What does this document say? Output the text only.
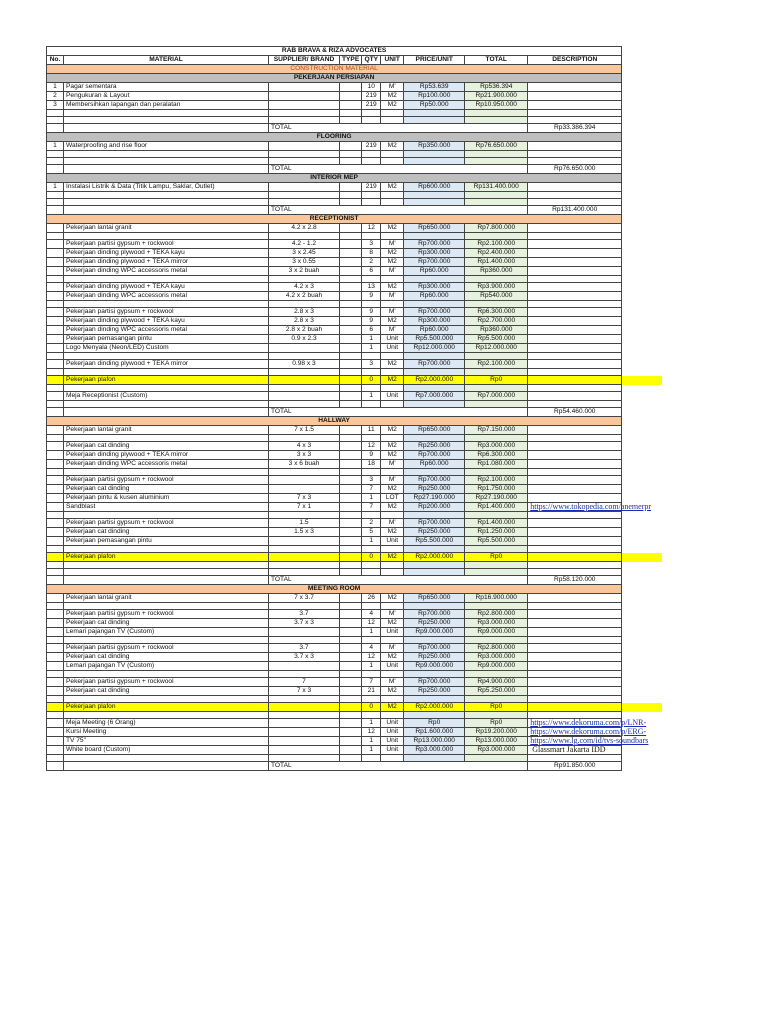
RAB BRAVA & RIZA ADVOCATES								
No.	MATERIAL	SUPPLIER/ BRAND	TYPE	QTY	UNIT	PRICE/UNIT	TOTAL	DESCRIPTION
CONSTRUCTION MATERIAL								
PEKERJAAN PERSIAPAN								
1	Pagar sementara			10	M'	Rp53.639	Rp536.394	
2	Pengukuran & Layout			219	M2	Rp100.000	Rp21.900.000	
3	Membersihkan lapangan dan peralatan			219	M2	Rp50.000	Rp10.950.000	

		TOTAL						Rp33.386.394
FLOORING								
1	Waterproofing and rise floor			219	M2	Rp350.000	Rp76.650.000	

		TOTAL						Rp76.650.000
INTERIOR MEP								
1	Instalasi Listrik & Data (Titik Lampu, Saklar, Outlet)			219	M2	Rp600.000	Rp131.400.000	

		TOTAL						Rp131.400.000
RECEPTIONIST								
	Pekerjaan lantai granit	4.2 x 2.8		12	M2	Rp650.000	Rp7.800.000	

	Pekerjaan partisi gypsum + rockwool	4.2 - 1.2		3	M'	Rp700.000	Rp2.100.000	
	Pekerjaan dinding plywood + TEKA kayu	3 x 2.45		8	M2	Rp300.000	Rp2.400.000	
	Pekerjaan dinding plywood + TEKA mirror	3 x 0.55		2	M2	Rp700.000	Rp1.400.000	
	Pekerjaan dinding WPC accessoris metal	3 x 2 buah		6	M'	Rp60.000	Rp360.000	

	Pekerjaan dinding plywood + TEKA kayu	4.2 x 3		13	M2	Rp300.000	Rp3.900.000	
	Pekerjaan dinding WPC accessoris metal	4.2 x 2 buah		9	M'	Rp60.000	Rp540.000	

	Pekerjaan partisi gypsum + rockwool	2.8 x 3		9	M'	Rp700.000	Rp6.300.000	
	Pekerjaan dinding plywood + TEKA kayu	2.8 x 3		9	M2	Rp300.000	Rp2.700.000	
	Pekerjaan dinding WPC accessoris metal	2.8 x 2 buah		6	M'	Rp60.000	Rp360.000	
	Pekerjaan pemasangan pintu	0.9 x 2.3		1	Unit	Rp5.500.000	Rp5.500.000	
	Logo Menyala (Neon/LED) Custom			1	Unit	Rp12.000.000	Rp12.000.000	

	Pekerjaan dinding plywood + TEKA mirror	0.98 x 3		3	M2	Rp700.000	Rp2.100.000	

	Pekerjaan plafon			0	M2	Rp2.000.000	Rp0	

	Meja Receptionist (Custom)			1	Unit	Rp7.000.000	Rp7.000.000	

		TOTAL						Rp54.460.000
HALLWAY								
	Pekerjaan lantai granit	7 x 1.5		11	M2	Rp650.000	Rp7.150.000	

	Pekerjaan cat dinding	4 x 3		12	M2	Rp250.000	Rp3.000.000	
	Pekerjaan dinding plywood + TEKA mirror	3 x 3		9	M2	Rp700.000	Rp6.300.000	
	Pekerjaan dinding WPC accessoris metal	3 x 6 buah		18	M'	Rp60.000	Rp1.080.000	

	Pekerjaan partisi gypsum + rockwool			3	M'	Rp700.000	Rp2.100.000	
	Pekerjaan cat dinding			7	M2	Rp250.000	Rp1.750.000	
	Pekerjaan pintu & kusen aluminium	7 x 3		1	LOT	Rp27.190.000	Rp27.190.000	
	Sandblast	7 x 1		7	M2	Rp200.000	Rp1.400.000	https://www.tokopedia.com/anemerpr

	Pekerjaan partisi gypsum + rockwool	1.5		2	M'	Rp700.000	Rp1.400.000	
	Pekerjaan cat dinding	1.5 x 3		5	M2	Rp250.000	Rp1.250.000	
	Pekerjaan pemasangan pintu			1	Unit	Rp5.500.000	Rp5.500.000	

	Pekerjaan plafon			0	M2	Rp2.000.000	Rp0	

		TOTAL						Rp58.120.000
MEETING ROOM								
	Pekerjaan lantai granit	7 x 3.7		26	M2	Rp650.000	Rp16.900.000	

	Pekerjaan partisi gypsum + rockwool	3.7		4	M'	Rp700.000	Rp2.800.000	
	Pekerjaan cat dinding	3.7 x 3		12	M2	Rp250.000	Rp3.000.000	
	Lemari pajangan TV (Custom)			1	Unit	Rp9.000.000	Rp9.000.000	

	Pekerjaan partisi gypsum + rockwool	3.7		4	M'	Rp700.000	Rp2.800.000	
	Pekerjaan cat dinding	3.7 x 3		12	M2	Rp250.000	Rp3.000.000	
	Lemari pajangan TV (Custom)			1	Unit	Rp9.000.000	Rp9.000.000	

	Pekerjaan partisi gypsum + rockwool	7		7	M'	Rp700.000	Rp4.900.000	
	Pekerjaan cat dinding	7 x 3		21	M2	Rp250.000	Rp5.250.000	

	Pekerjaan plafon			0	M2	Rp2.000.000	Rp0	

	Meja Meeting (6 Orang)			1	Unit	Rp0	Rp0	https://www.dekoruma.com/p/LNR-

	Kursi Meeting			12	Unit	Rp1.600.000	Rp19.200.000	https://www.dekoruma.com/p/ERG-

	TV 75"			1	Unit	Rp13.000.000	Rp13.000.000	https://www.lg.com/id/tvs-soundbars

	White board (Custom)			1	Unit	Rp3.000.000	Rp3.000.000	Glassmart Jakarta IDD

		TOTAL						Rp91.850.000
